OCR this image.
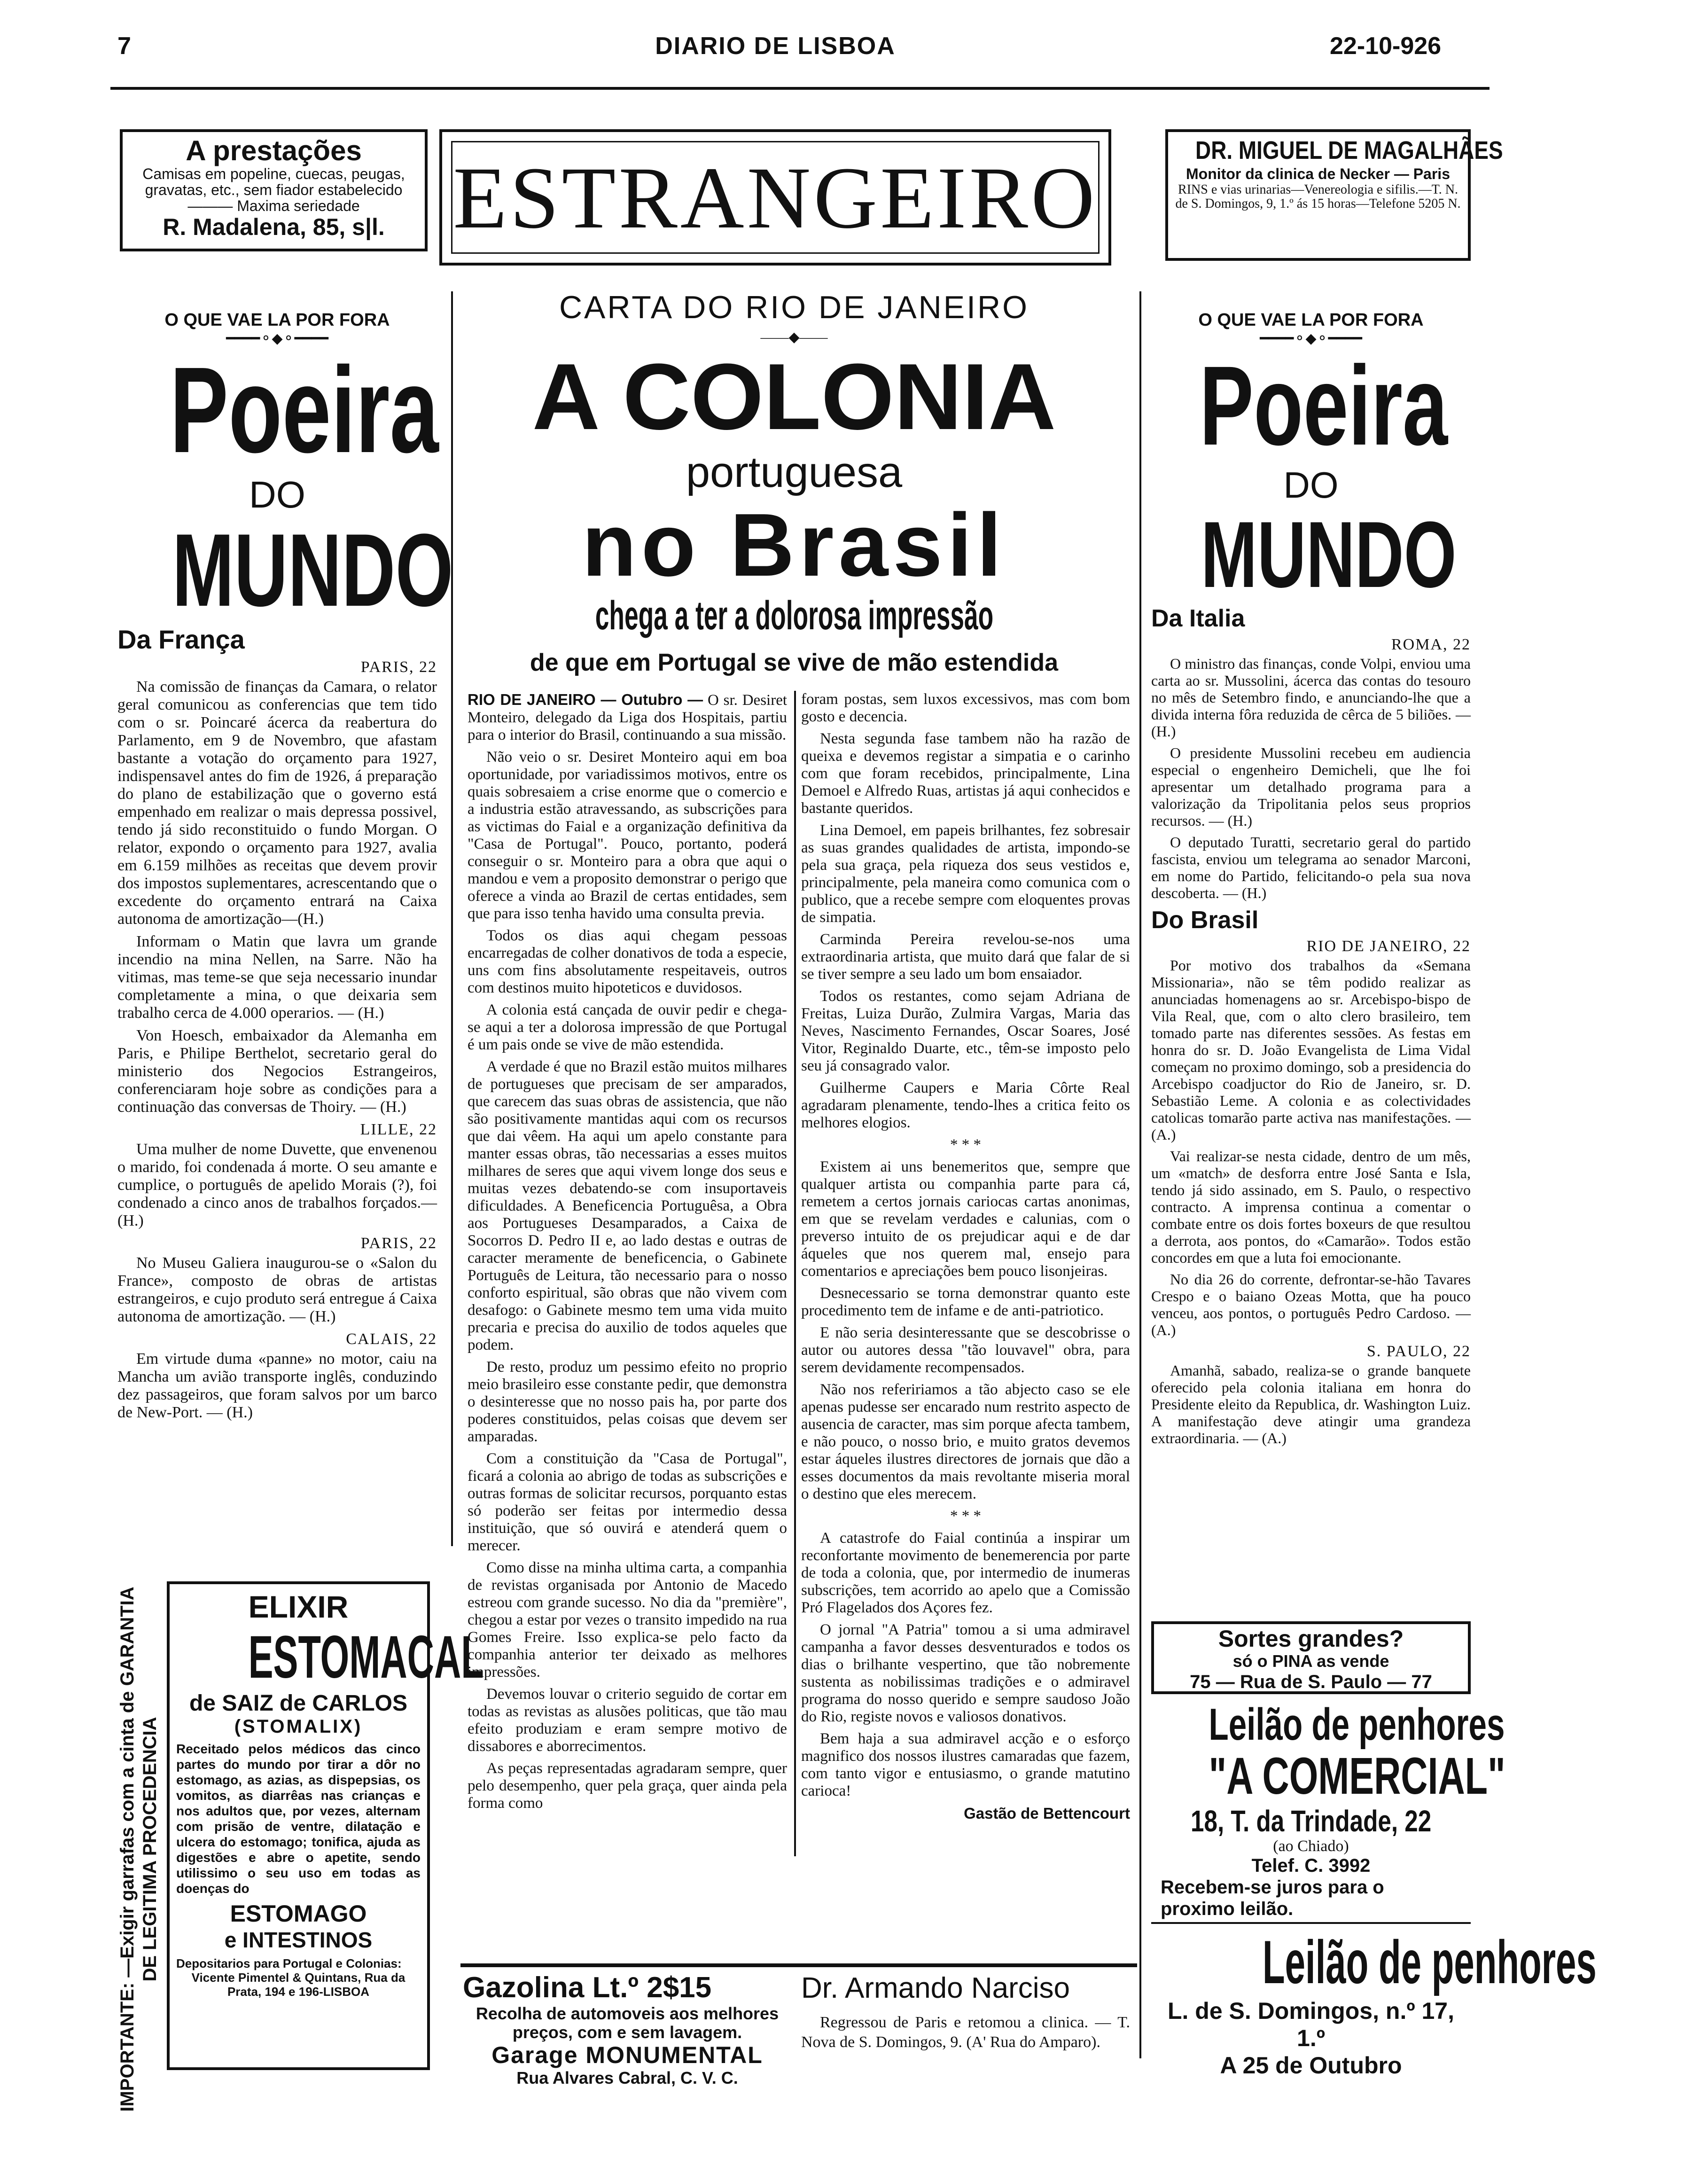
7	DIARIO DE LISBOA	22-10-926
A prestações
Camisas em popeline, cuecas, peugas, gravatas, etc., sem fiador estabelecido ——— Maxima seriedade
R. Madalena, 85, s|l. ESTRANGEIRO	DR. MIGUEL DE MAGALHÃES
Monitor da clinica de Necker — Paris
RINS e vias urinarias—Venereologia e sifilis.—T. N. de S. Domingos, 9, 1.º ás 15 horas—Telefone 5205 N.
O QUE VAE LA POR FORA
━━━━⚬◆⚬━━━━
Poeira
DO
MUNDO
Da França
PARIS, 22

Na comissão de finanças da Camara, o relator geral comunicou as conferencias que tem tido com o sr. Poincaré ácerca da reabertura do Parlamento, em 9 de Novembro, que afastam bastante a votação do orçamento para 1927, indispensavel antes do fim de 1926, á preparação do plano de estabilização que o governo está empenhado em realizar o mais depressa possivel, tendo já sido reconstituido o fundo Morgan. O relator, expondo o orçamento para 1927, avalia em 6.159 milhões as receitas que devem provir dos impostos suplementares, acrescentando que o excedente do orçamento entrará na Caixa autonoma de amortização—(H.)

Informam o Matin que lavra um grande incendio na mina Nellen, na Sarre. Não ha vitimas, mas teme-se que seja necessario inundar completamente a mina, o que deixaria sem trabalho cerca de 4.000 operarios. — (H.)

Von Hoesch, embaixador da Alemanha em Paris, e Philipe Berthelot, secretario geral do ministerio dos Negocios Estrangeiros, conferenciaram hoje sobre as condições para a continuação das conversas de Thoiry. — (H.)

LILLE, 22

Uma mulher de nome Duvette, que envenenou o marido, foi condenada á morte. O seu amante e cumplice, o português de apelido Morais (?), foi condenado a cinco anos de trabalhos forçados.—(H.)

PARIS, 22

No Museu Galiera inaugurou-se o «Salon du France», composto de obras de artistas estrangeiros, e cujo produto será entregue á Caixa autonoma de amortização. — (H.)

CALAIS, 22

Em virtude duma «panne» no motor, caiu na Mancha um avião transporte inglês, conduzindo dez passageiros, que foram salvos por um barco de New-Port. — (H.)

IMPORTANTE: —Exigir garrafas com a cinta de GARANTIA DE LEGITIMA PROCEDENCIA
ELIXIR
ESTOMACAL
de SAIZ de CARLOS
(STOMALIX)
Receitado pelos médicos das cinco partes do mundo por tirar a dôr no estomago, as azias, as dispepsias, os vomitos, as diarrêas nas crianças e nos adultos que, por vezes, alternam com prisão de ventre, dilatação e ulcera do estomago; tonifica, ajuda as digestões e abre o apetite, sendo utilissimo o seu uso em todas as doenças do
ESTOMAGO
e INTESTINOS
Depositarios para Portugal e Colonias:
Vicente Pimentel & Quintans, Rua da Prata, 194 e 196-LISBOA
CARTA DO RIO DE JANEIRO
——◆——
A COLONIA
portuguesa
no Brasil
chega a ter a dolorosa impressão
de que em Portugal se vive de mão estendida

RIO DE JANEIRO — Outubro — O sr. Desiret Monteiro, delegado da Liga dos Hospitais, partiu para o interior do Brasil, continuando a sua missão.

Não veio o sr. Desiret Monteiro aqui em boa oportunidade, por variadissimos motivos, entre os quais sobresaiem a crise enorme que o comercio e a industria estão atravessando, as subscrições para as victimas do Faial e a organização definitiva da "Casa de Portugal". Pouco, portanto, poderá conseguir o sr. Monteiro para a obra que aqui o mandou e vem a proposito demonstrar o perigo que oferece a vinda ao Brazil de certas entidades, sem que para isso tenha havido uma consulta previa.

Todos os dias aqui chegam pessoas encarregadas de colher donativos de toda a especie, uns com fins absolutamente respeitaveis, outros com destinos muito hipoteticos e duvidosos.

A colonia está cançada de ouvir pedir e chega-se aqui a ter a dolorosa impressão de que Portugal é um pais onde se vive de mão estendida.

A verdade é que no Brazil estão muitos milhares de portugueses que precisam de ser amparados, que carecem das suas obras de assistencia, que não são positivamente mantidas aqui com os recursos que dai vêem. Ha aqui um apelo constante para manter essas obras, tão necessarias a esses muitos milhares de seres que aqui vivem longe dos seus e muitas vezes debatendo-se com insuportaveis dificuldades. A Beneficencia Portuguêsa, a Obra aos Portugueses Desamparados, a Caixa de Socorros D. Pedro II e, ao lado destas e outras de caracter meramente de beneficencia, o Gabinete Português de Leitura, tão necessario para o nosso conforto espiritual, são obras que não vivem com desafogo: o Gabinete mesmo tem uma vida muito precaria e precisa do auxilio de todos aqueles que podem.

De resto, produz um pessimo efeito no proprio meio brasileiro esse constante pedir, que demonstra o desinteresse que no nosso pais ha, por parte dos poderes constituidos, pelas coisas que devem ser amparadas.

Com a constituição da "Casa de Portugal", ficará a colonia ao abrigo de todas as subscrições e outras formas de solicitar recursos, porquanto estas só poderão ser feitas por intermedio dessa instituição, que só ouvirá e atenderá quem o merecer.

Como disse na minha ultima carta, a companhia de revistas organisada por Antonio de Macedo estreou com grande sucesso. No dia da "première", chegou a estar por vezes o transito impedido na rua Gomes Freire. Isso explica-se pelo facto da companhia anterior ter deixado as melhores impressões.

Devemos louvar o criterio seguido de cortar em todas as revistas as alusões politicas, que tão mau efeito produziam e eram sempre motivo de dissabores e aborrecimentos.

As peças representadas agradaram sempre, quer pelo desempenho, quer pela graça, quer ainda pela forma como

foram postas, sem luxos excessivos, mas com bom gosto e decencia.

Nesta segunda fase tambem não ha razão de queixa e devemos registar a simpatia e o carinho com que foram recebidos, principalmente, Lina Demoel e Alfredo Ruas, artistas já aqui conhecidos e bastante queridos.

Lina Demoel, em papeis brilhantes, fez sobresair as suas grandes qualidades de artista, impondo-se pela sua graça, pela riqueza dos seus vestidos e, principalmente, pela maneira como comunica com o publico, que a recebe sempre com eloquentes provas de simpatia.

Carminda Pereira revelou-se-nos uma extraordinaria artista, que muito dará que falar de si se tiver sempre a seu lado um bom ensaiador.

Todos os restantes, como sejam Adriana de Freitas, Luiza Durão, Zulmira Vargas, Maria das Neves, Nascimento Fernandes, Oscar Soares, José Vitor, Reginaldo Duarte, etc., têm-se imposto pelo seu já consagrado valor.

Guilherme Caupers e Maria Côrte Real agradaram plenamente, tendo-lhes a critica feito os melhores elogios.

* * *

Existem ai uns benemeritos que, sempre que qualquer artista ou companhia parte para cá, remetem a certos jornais cariocas cartas anonimas, em que se revelam verdades e calunias, com o preverso intuito de os prejudicar aqui e de dar áqueles que nos querem mal, ensejo para comentarios e apreciações bem pouco lisonjeiras.

Desnecessario se torna demonstrar quanto este procedimento tem de infame e de anti-patriotico.

E não seria desinteressante que se descobrisse o autor ou autores dessa "tão louvavel" obra, para serem devidamente recompensados.

Não nos refeririamos a tão abjecto caso se ele apenas pudesse ser encarado num restrito aspecto de ausencia de caracter, mas sim porque afecta tambem, e não pouco, o nosso brio, e muito gratos devemos estar áqueles ilustres directores de jornais que dão a esses documentos da mais revoltante miseria moral o destino que eles merecem.

* * *

A catastrofe do Faial continúa a inspirar um reconfortante movimento de benemerencia por parte de toda a colonia, que, por intermedio de inumeras subscrições, tem acorrido ao apelo que a Comissão Pró Flagelados dos Açores fez.

O jornal "A Patria" tomou a si uma admiravel campanha a favor desses desventurados e todos os dias o brilhante vespertino, que tão nobremente sustenta as nobilissimas tradições e o admiravel programa do nosso querido e sempre saudoso João do Rio, registe novos e valiosos donativos.

Bem haja a sua admiravel acção e o esforço magnifico dos nossos ilustres camaradas que fazem, com tanto vigor e entusiasmo, o grande matutino carioca!

Gastão de Bettencourt

O QUE VAE LA POR FORA
━━━━⚬◆⚬━━━━
Poeira
DO
MUNDO
Da Italia
ROMA, 22

O ministro das finanças, conde Volpi, enviou uma carta ao sr. Mussolini, ácerca das contas do tesouro no mês de Setembro findo, e anunciando-lhe que a divida interna fôra reduzida de cêrca de 5 biliões. — (H.)

O presidente Mussolini recebeu em audiencia especial o engenheiro Demicheli, que lhe foi apresentar um detalhado programa para a valorização da Tripolitania pelos seus proprios recursos. — (H.)

O deputado Turatti, secretario geral do partido fascista, enviou um telegrama ao senador Marconi, em nome do Partido, felicitando-o pela sua nova descoberta. — (H.)

Do Brasil
RIO DE JANEIRO, 22

Por motivo dos trabalhos da «Semana Missionaria», não se têm podido realizar as anunciadas homenagens ao sr. Arcebispo-bispo de Vila Real, que, com o alto clero brasileiro, tem tomado parte nas diferentes sessões. As festas em honra do sr. D. João Evangelista de Lima Vidal começam no proximo domingo, sob a presidencia do Arcebispo coadjuctor do Rio de Janeiro, sr. D. Sebastião Leme. A colonia e as colectividades catolicas tomarão parte activa nas manifestações. — (A.)

Vai realizar-se nesta cidade, dentro de um mês, um «match» de desforra entre José Santa e Isla, tendo já sido assinado, em S. Paulo, o respectivo contracto. A imprensa continua a comentar o combate entre os dois fortes boxeurs de que resultou a derrota, aos pontos, do «Camarão». Todos estão concordes em que a luta foi emocionante.

No dia 26 do corrente, defrontar-se-hão Tavares Crespo e o baiano Ozeas Motta, que ha pouco venceu, aos pontos, o português Pedro Cardoso. — (A.)

S. PAULO, 22

Amanhã, sabado, realiza-se o grande banquete oferecido pela colonia italiana em honra do Presidente eleito da Republica, dr. Washington Luiz. A manifestação deve atingir uma grandeza extraordinaria. — (A.)

Sortes grandes?
só o PINA as vende
75 — Rua de S. Paulo — 77
Leilão de penhores
"A COMERCIAL"
18, T. da Trindade, 22
(ao Chiado)
Telef. C. 3992
Recebem-se juros para o proximo leilão.
Leilão de penhores
L. de S. Domingos, n.º 17, 1.º
A 25 de Outubro
Gazolina Lt.º 2$15
Recolha de automoveis aos melhores preços, com e sem lavagem.
Garage MONUMENTAL
Rua Alvares Cabral, C. V. C.
Dr. Armando Narciso
Regressou de Paris e retomou a clinica. — T. Nova de S. Domingos, 9. (A' Rua do Amparo).
